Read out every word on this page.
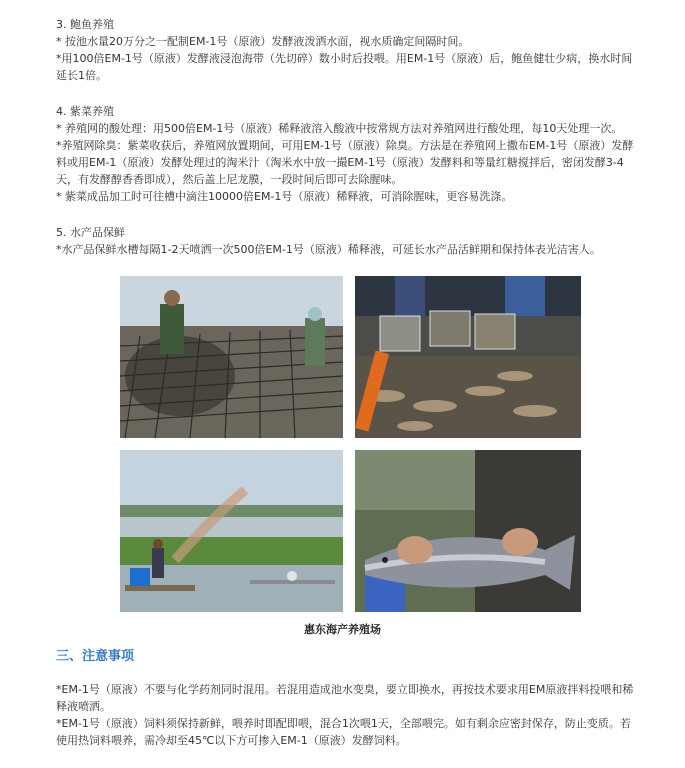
3. 鲍鱼养殖

* 按池水量20万分之一配制EM-1号（原液）发酵液泼洒水面，视水质确定间隔时间。

*用100倍EM-1号（原液）发酵液浸泡海带（先切碎）数小时后投喂。用EM-1号（原液）后，鲍鱼健壮少病，换水时间

延长1倍。

4. 紫菜养殖

* 养殖网的酸处理：用500倍EM-1号（原液）稀释液溶入酸液中按常规方法对养殖网进行酸处理，每10天处理一次。

*养殖网除臭：紫菜收获后，养殖网放置期间，可用EM-1号（原液）除臭。方法是在养殖网上撒布EM-1号（原液）发酵

料或用EM-1（原液）发酵处理过的淘米汁（淘米水中放一撮EM-1号（原液）发酵料和等量红糖搅拌后，密闭发酵3-4

天，有发酵醇香香即成），然后盖上尼龙膜，一段时间后即可去除腥味。

* 紫菜成品加工时可往槽中滴注10000倍EM-1号（原液）稀释液，可消除腥味，更容易洗涤。

5. 水产品保鲜

*水产品保鲜水槽每隔1-2天喷洒一次500倍EM-1号（原液）稀释液，可延长水产品活鲜期和保持体表光洁害人。

惠东海产养殖场
三、注意事项

*EM-1号（原液）不要与化学药剂同时混用。若混用造成池水变臭，要立即换水，再按技术要求用EM原液拌料投喂和稀

释液喷洒。

*EM-1号（原液）饲料须保持新鲜，喂养时即配即喂，混合1次喂1天，全部喂完。如有剩余应密封保存，防止变质。若

使用热饲料喂养，需冷却至45℃以下方可掺入EM-1（原液）发酵饲料。
